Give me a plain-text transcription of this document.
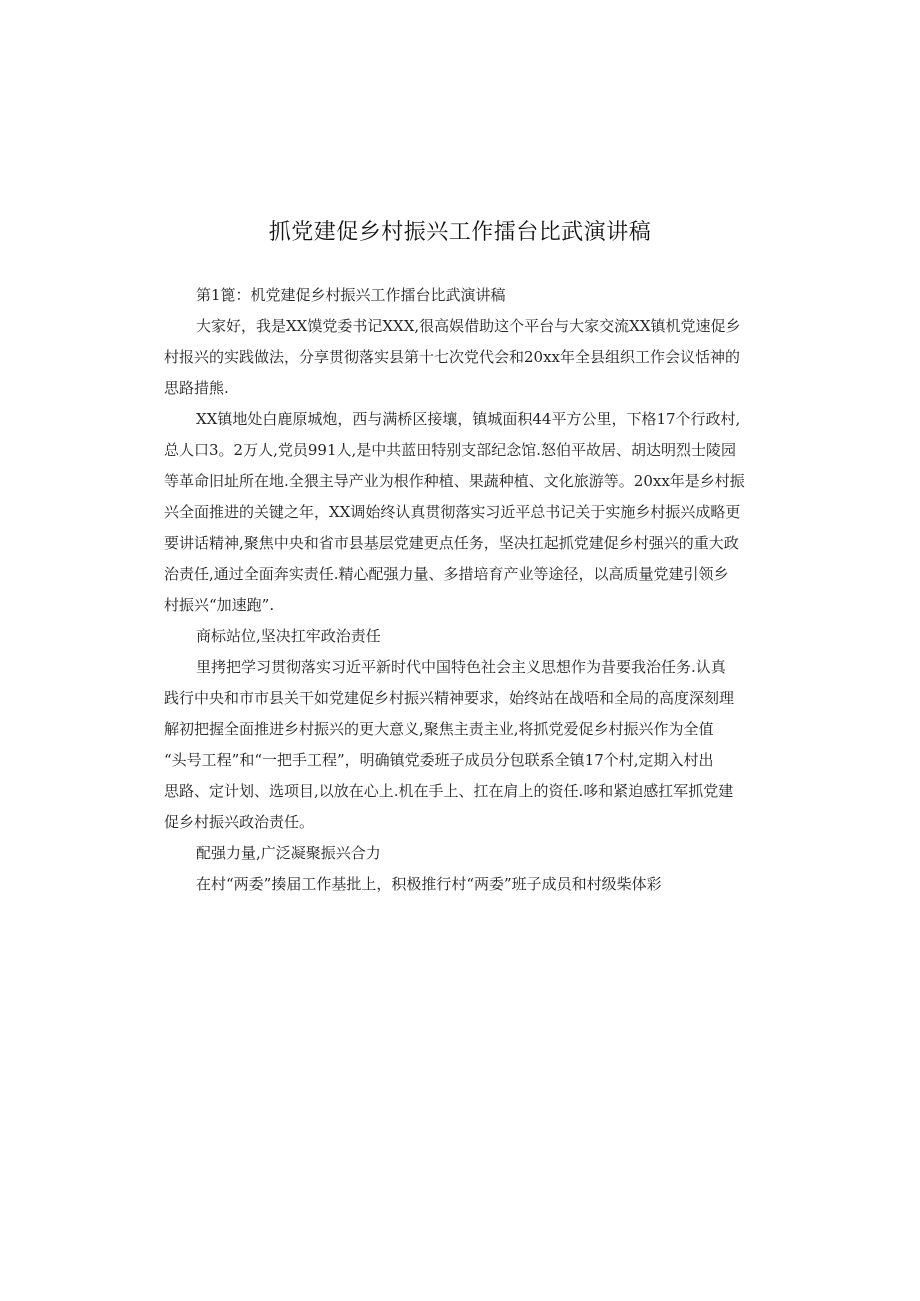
抓党建促乡村振兴工作擂台比武演讲稿
第1篦：机党建促乡村振兴工作擂台比武演讲稿
大家好，我是XX馍党委书记XXX,很高娱借助这个平台与大家交流XX镇机党速促乡
村报兴的实践做法，分享贯彻落实县第十七次党代会和20xx年全县组织工作会议恬神的
思路措熊.
XX镇地处白鹿原城炮，西与满桥区接壤，镇城面积44平方公里，下格17个行政村,
总人口3。2万人,党员991人,是中共蓝田特别支部纪念馆.怒伯平故居、胡达明烈士陵园
等革命旧址所在地.全猥主导产业为根作种植、果蔬种植、文化旅游等。20xx年是乡村振
兴全面推进的关键之年，XX调始终认真贯彻落实习近平总书记关于实施乡村振兴成略更
要讲话精神,聚焦中央和省市县基层党建更点任务，坚决扛起抓党建促乡村强兴的重大政
治责任,通过全面奔实责任.精心配强力量、多措培育产业等途径，以高质量党建引领乡
村振兴“加速跑”.
商标站位,坚决扛牢政治责任
里拷把学习贯彻落实习近平新时代中国特色社会主义思想作为昔要我治任务.认真
践行中央和市市县关干如党建促乡村振兴精神要求，始终站在战唔和全局的高度深刻理
解初把握全面推进乡村振兴的更大意义,聚焦主责主业,将抓党爱促乡村振兴作为全值
“头号工程”和“一把手工程”，明确镇党委班子成员分包联系全镇17个村,定期入村出
思路、定计划、选项目,以放在心上.机在手上、扛在肩上的资任.哆和紧迫感扛军抓党建
促乡村振兴政治责任。
配强力量,广泛凝聚振兴合力
在村“两委”揍届工作基批上，积极推行村“两委”班子成员和村级柴体彩
